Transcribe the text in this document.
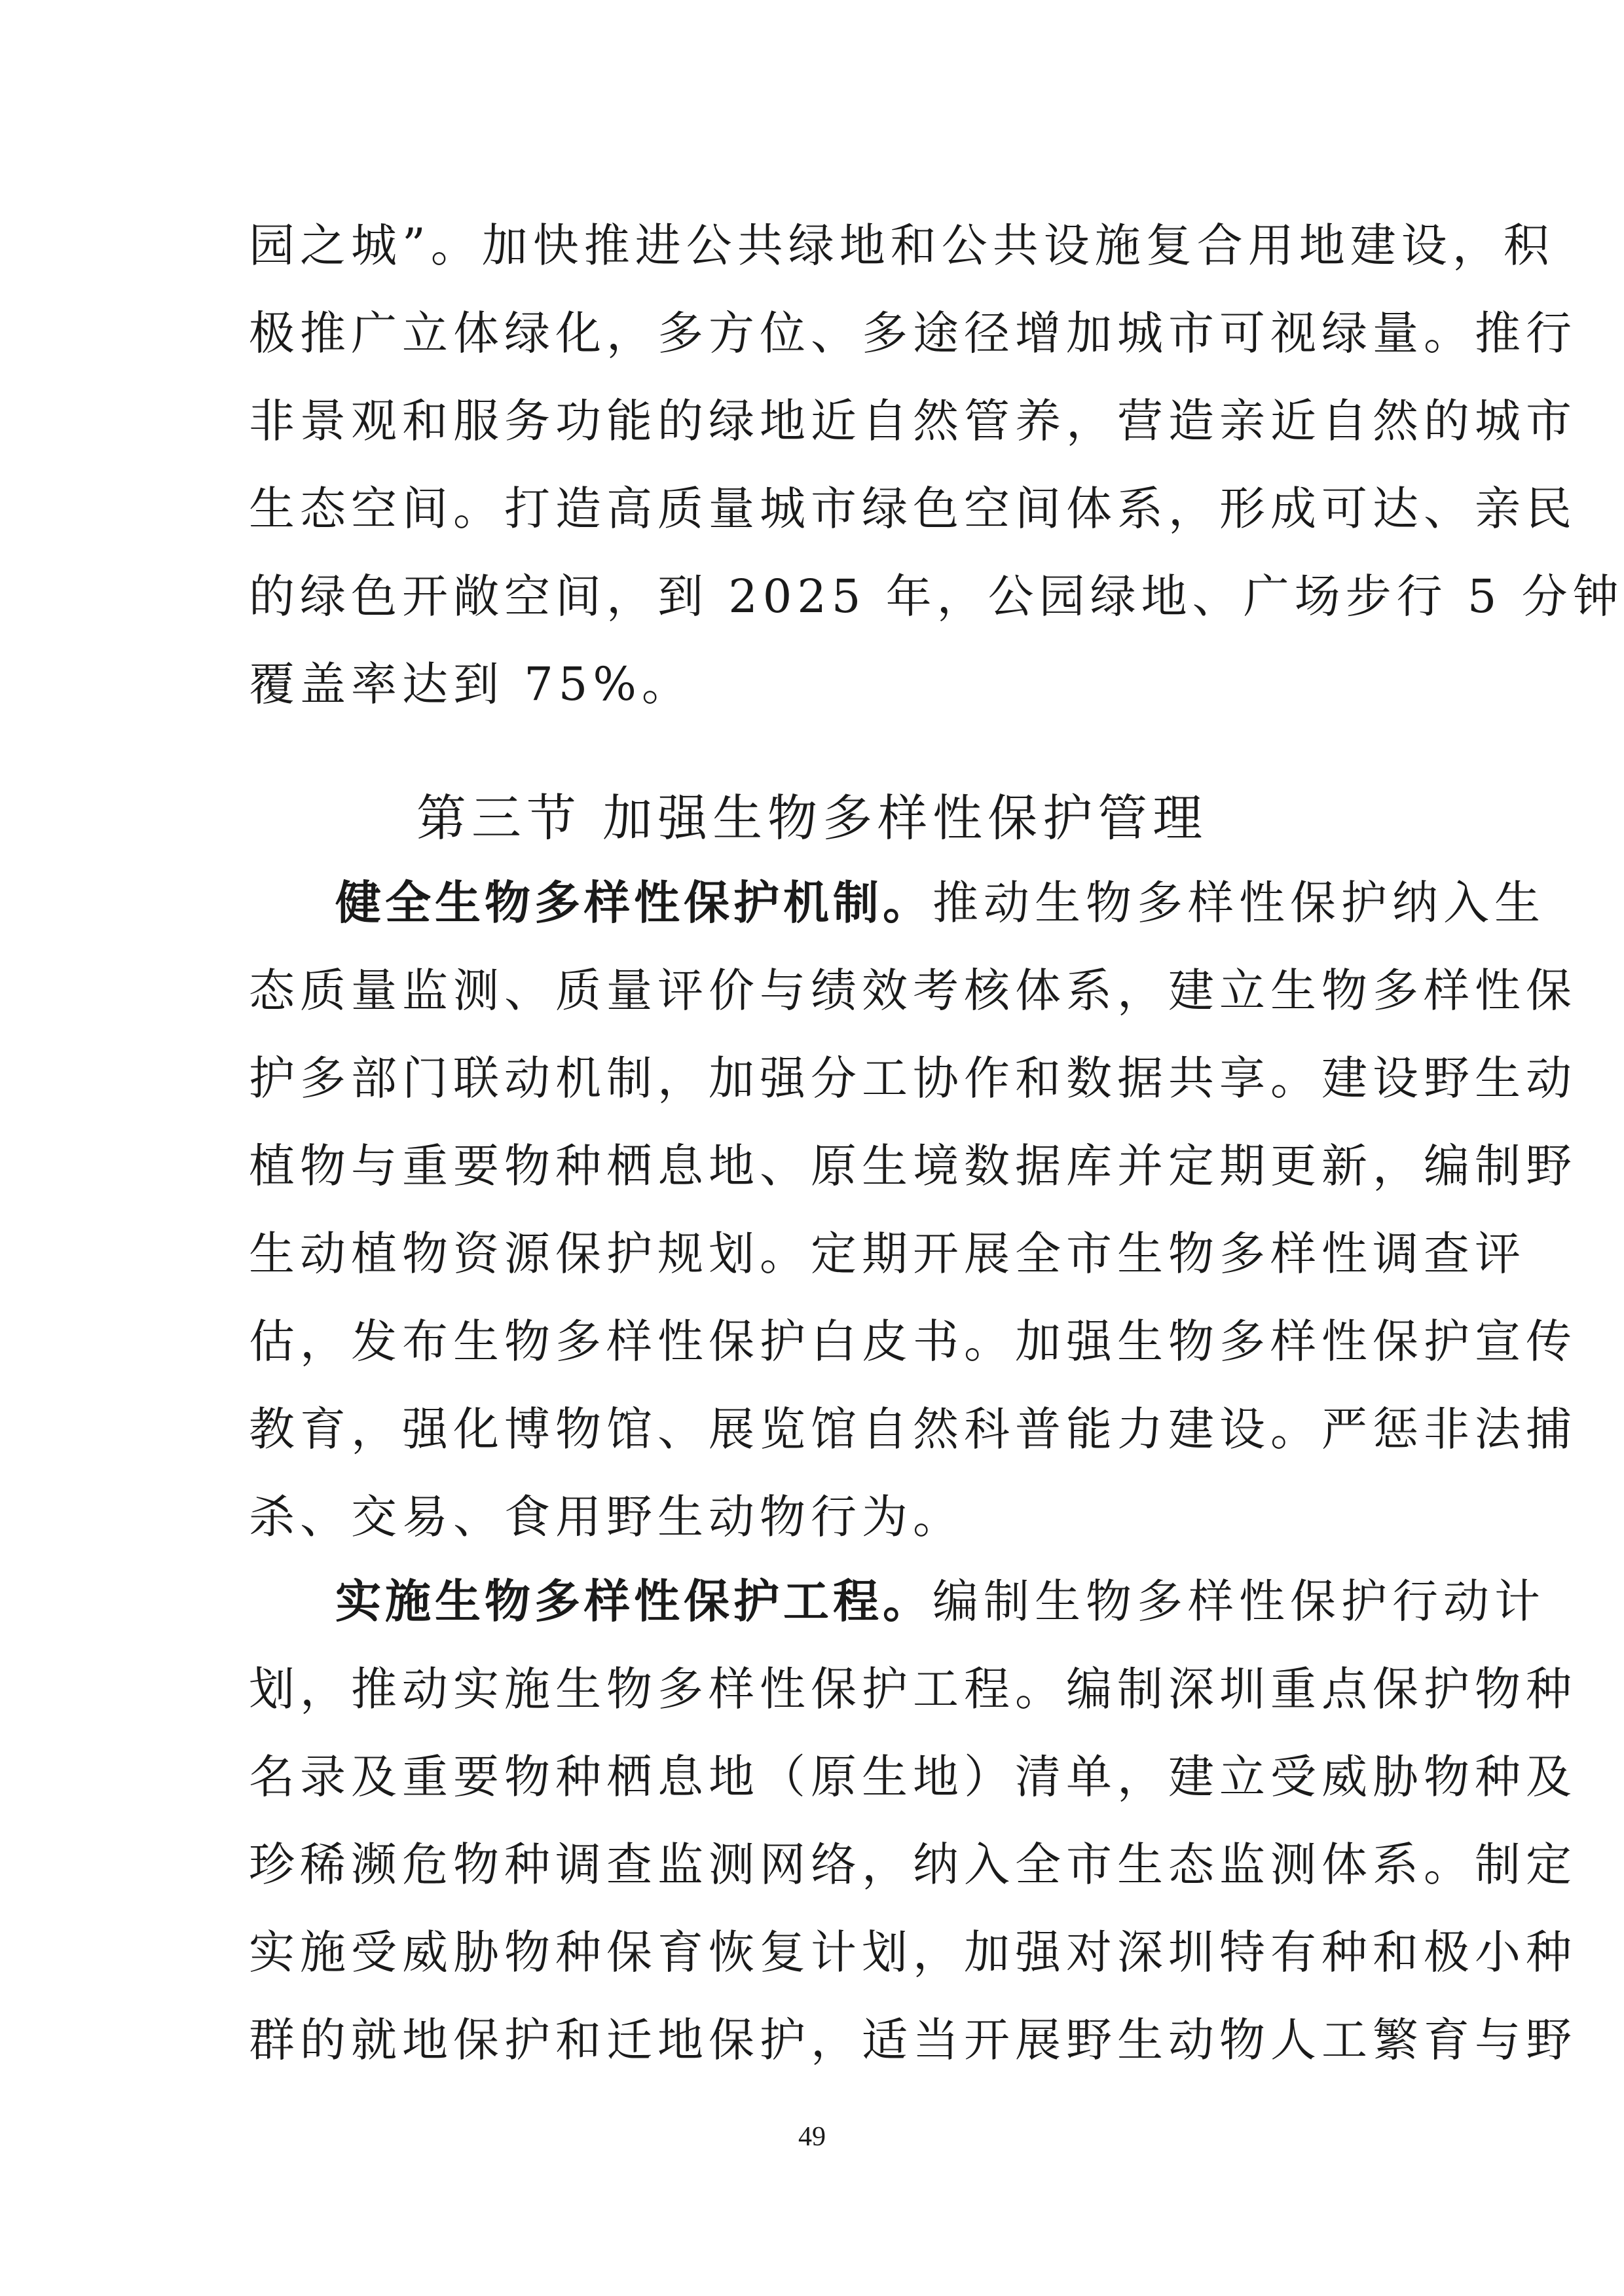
园之城”。加快推进公共绿地和公共设施复合用地建设，积
极推广立体绿化，多方位、多途径增加城市可视绿量。推行
非景观和服务功能的绿地近自然管养，营造亲近自然的城市
生态空间。打造高质量城市绿色空间体系，形成可达、亲民
的绿色开敞空间，到 2025 年，公园绿地、广场步行 5 分钟
覆盖率达到 75%。
第三节 加强生物多样性保护管理
健全生物多样性保护机制。推动生物多样性保护纳入生
态质量监测、质量评价与绩效考核体系，建立生物多样性保
护多部门联动机制，加强分工协作和数据共享。建设野生动
植物与重要物种栖息地、原生境数据库并定期更新，编制野
生动植物资源保护规划。定期开展全市生物多样性调查评
估，发布生物多样性保护白皮书。加强生物多样性保护宣传
教育，强化博物馆、展览馆自然科普能力建设。严惩非法捕
杀、交易、食用野生动物行为。
实施生物多样性保护工程。编制生物多样性保护行动计
划，推动实施生物多样性保护工程。编制深圳重点保护物种
名录及重要物种栖息地（原生地）清单，建立受威胁物种及
珍稀濒危物种调查监测网络，纳入全市生态监测体系。制定
实施受威胁物种保育恢复计划，加强对深圳特有种和极小种
群的就地保护和迁地保护，适当开展野生动物人工繁育与野
49
